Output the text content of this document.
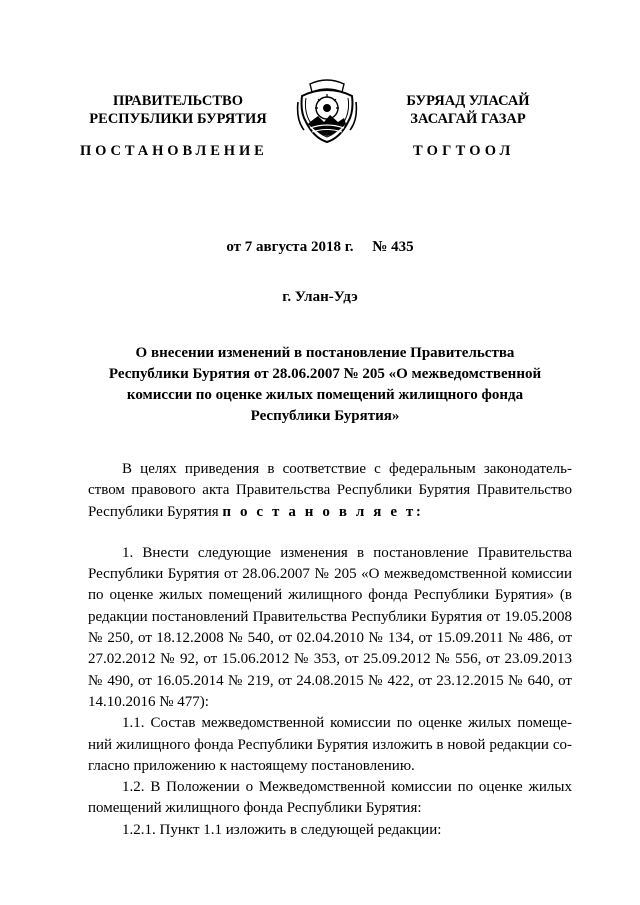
ПРАВИТЕЛЬСТВО
РЕСПУБЛИКИ БУРЯТИЯ
БУРЯАД УЛАСАЙ
ЗАСАГАЙ ГАЗАР
ПОСТАНОВЛЕНИЕ	ТОГТООЛ
от 7 августа 2018 г.     № 435
г. Улан-Удэ
О внесении изменений в постановление Правительства Республики Бурятия от 28.06.2007 № 205 «О межведомственной комиссии по оценке жилых помещений жилищного фонда Республики Бурятия»

В целях приведения в соответствие с федеральным законодатель-ством правового акта Правительства Республики Бурятия Правительство Республики Бурятия п о с т а н о в л я е т:

1. Внести следующие изменения в постановление Правительства Республики Бурятия от 28.06.2007 № 205 «О межведомственной комиссии по оценке жилых помещений жилищного фонда Республики Бурятия» (в редакции постановлений Правительства Республики Бурятия от 19.05.2008 № 250, от 18.12.2008 № 540, от 02.04.2010 № 134, от 15.09.2011 № 486, от 27.02.2012 № 92, от 15.06.2012 № 353, от 25.09.2012 № 556, от 23.09.2013 № 490, от 16.05.2014 № 219, от 24.08.2015 № 422, от 23.12.2015 № 640, от 14.10.2016 № 477):

1.1. Состав межведомственной комиссии по оценке жилых помеще-ний жилищного фонда Республики Бурятия изложить в новой редакции со-гласно приложению к настоящему постановлению.

1.2. В Положении о Межведомственной комиссии по оценке жилых помещений жилищного фонда Республики Бурятия:

1.2.1. Пункт 1.1 изложить в следующей редакции:
